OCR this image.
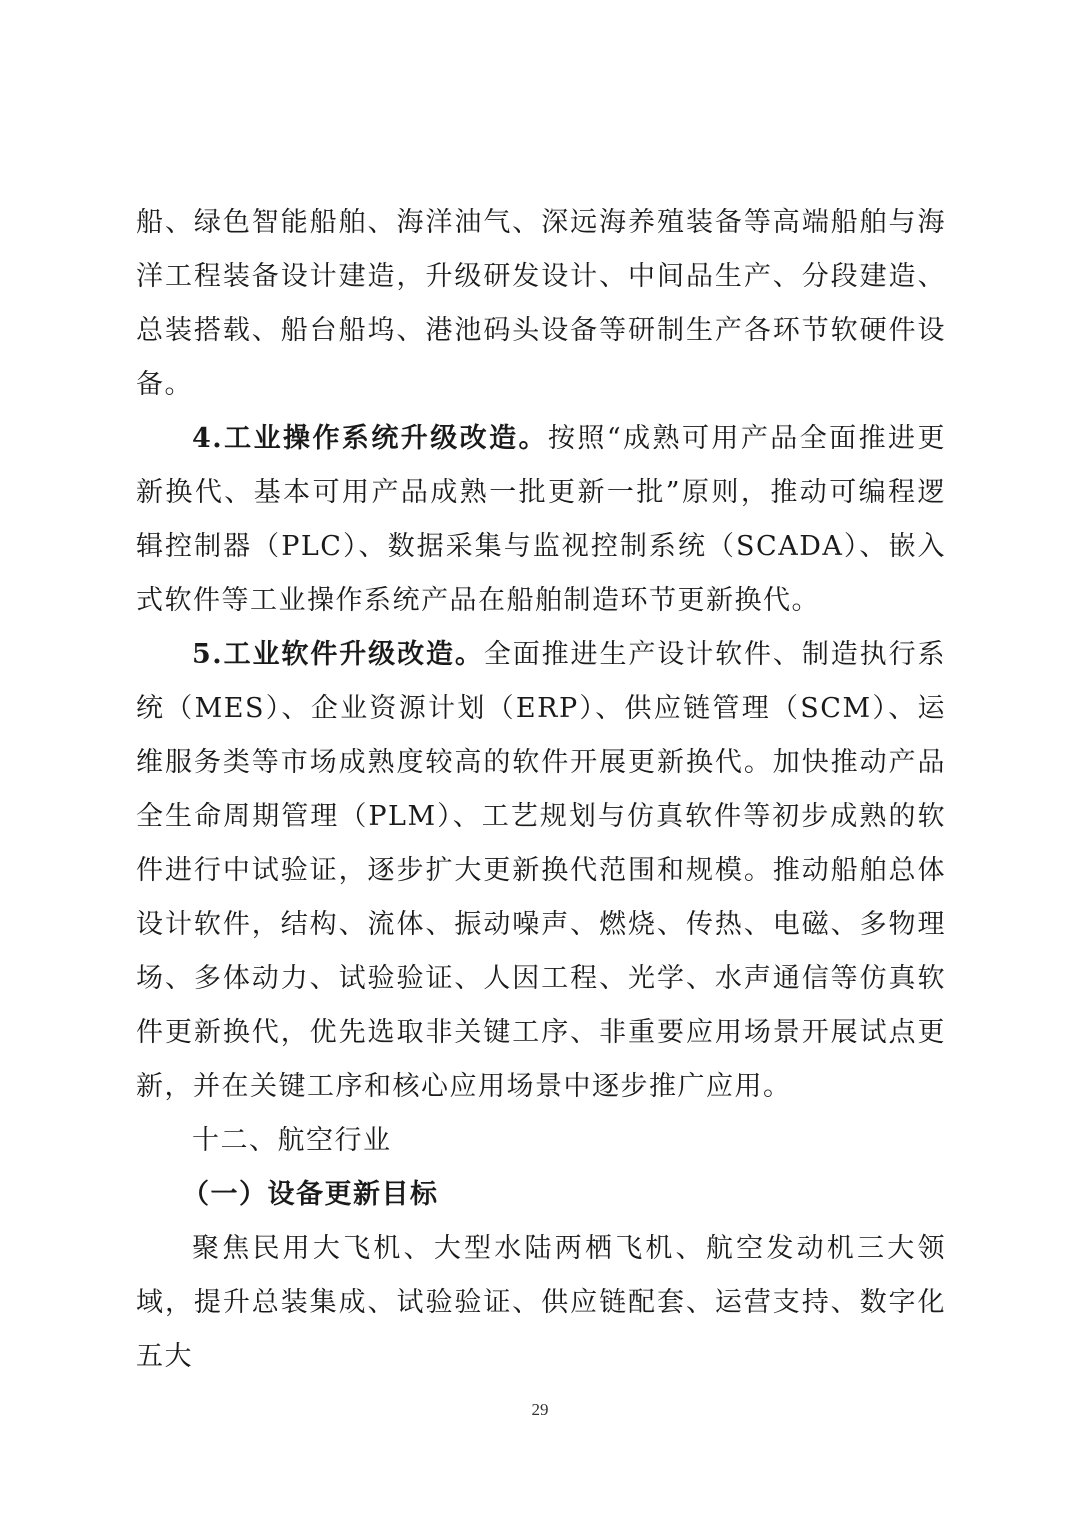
船、绿色智能船舶、海洋油气、深远海养殖装备等高端船舶与海洋工程装备设计建造，升级研发设计、中间品生产、分段建造、总装搭载、船台船坞、港池码头设备等研制生产各环节软硬件设备。

4.工业操作系统升级改造。按照“成熟可用产品全面推进更新换代、基本可用产品成熟一批更新一批”原则，推动可编程逻辑控制器（PLC）、数据采集与监视控制系统（SCADA）、嵌入式软件等工业操作系统产品在船舶制造环节更新换代。

5.工业软件升级改造。全面推进生产设计软件、制造执行系统（MES）、企业资源计划（ERP）、供应链管理（SCM）、运维服务类等市场成熟度较高的软件开展更新换代。加快推动产品全生命周期管理（PLM）、工艺规划与仿真软件等初步成熟的软件进行中试验证，逐步扩大更新换代范围和规模。推动船舶总体设计软件，结构、流体、振动噪声、燃烧、传热、电磁、多物理场、多体动力、试验验证、人因工程、光学、水声通信等仿真软件更新换代，优先选取非关键工序、非重要应用场景开展试点更新，并在关键工序和核心应用场景中逐步推广应用。

十二、航空行业

（一）设备更新目标

聚焦民用大飞机、大型水陆两栖飞机、航空发动机三大领域，提升总装集成、试验验证、供应链配套、运营支持、数字化五大

29
